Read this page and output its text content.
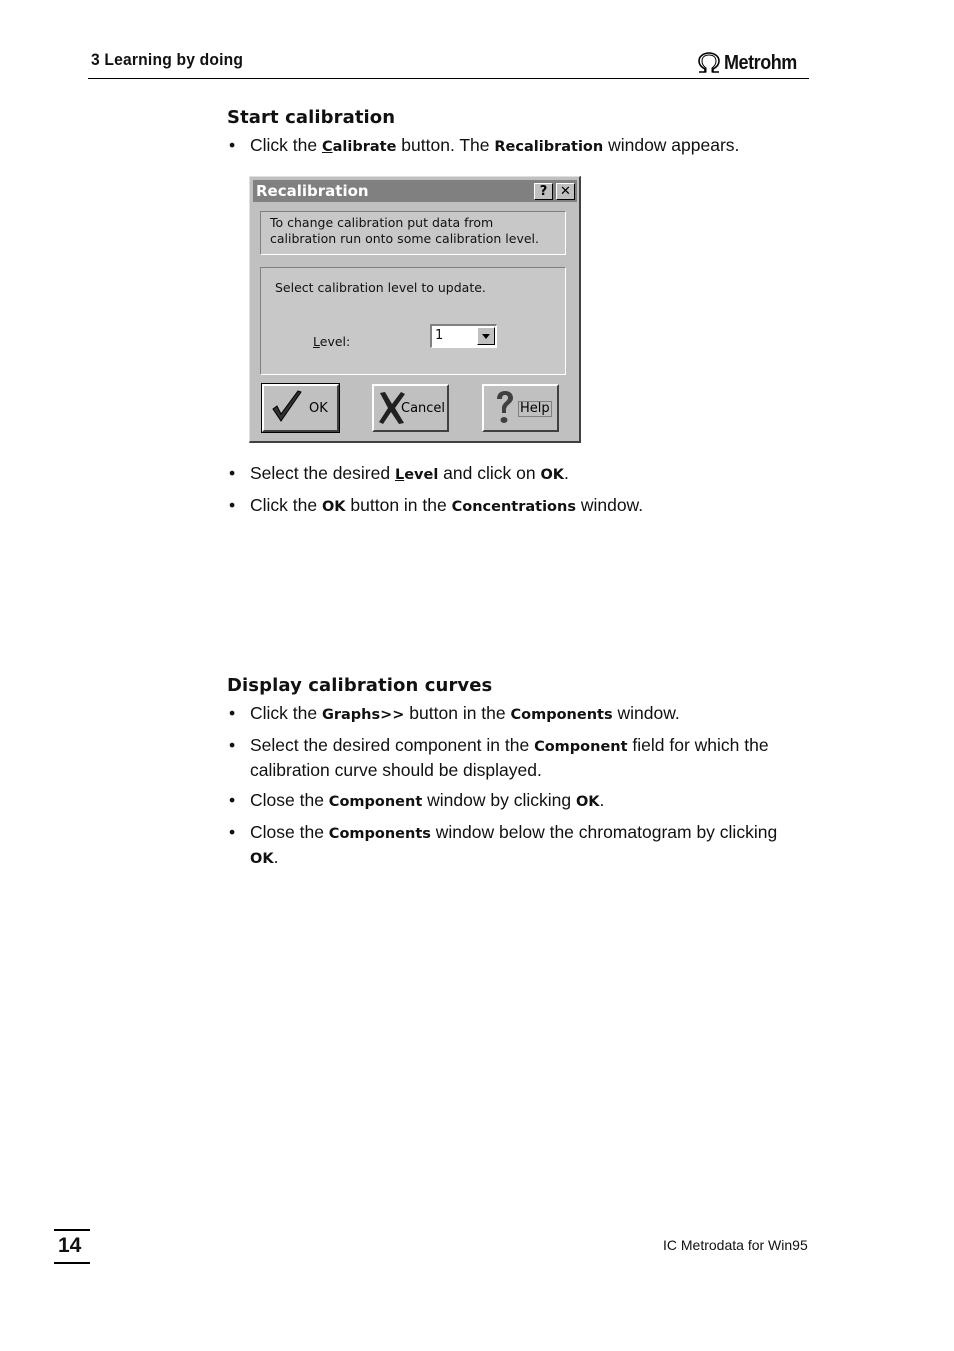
3 Learning by doing	Metrohm
Start calibration
• Click the Calibrate button. The Recalibration window appears.
Recalibration	? ✕
To change calibration put data from calibration run onto some calibration level.
Select calibration level to update.
Level:	1
OK	Cancel	Help
• Select the desired Level and click on OK.
• Click the OK button in the Concentrations window.
Display calibration curves
• Click the Graphs>> button in the Components window.
• Select the desired component in the Component field for which the calibration curve should be displayed.
• Close the Component window by clicking OK.
• Close the Components window below the chromatogram by clicking OK.
14	IC Metrodata for Win95
